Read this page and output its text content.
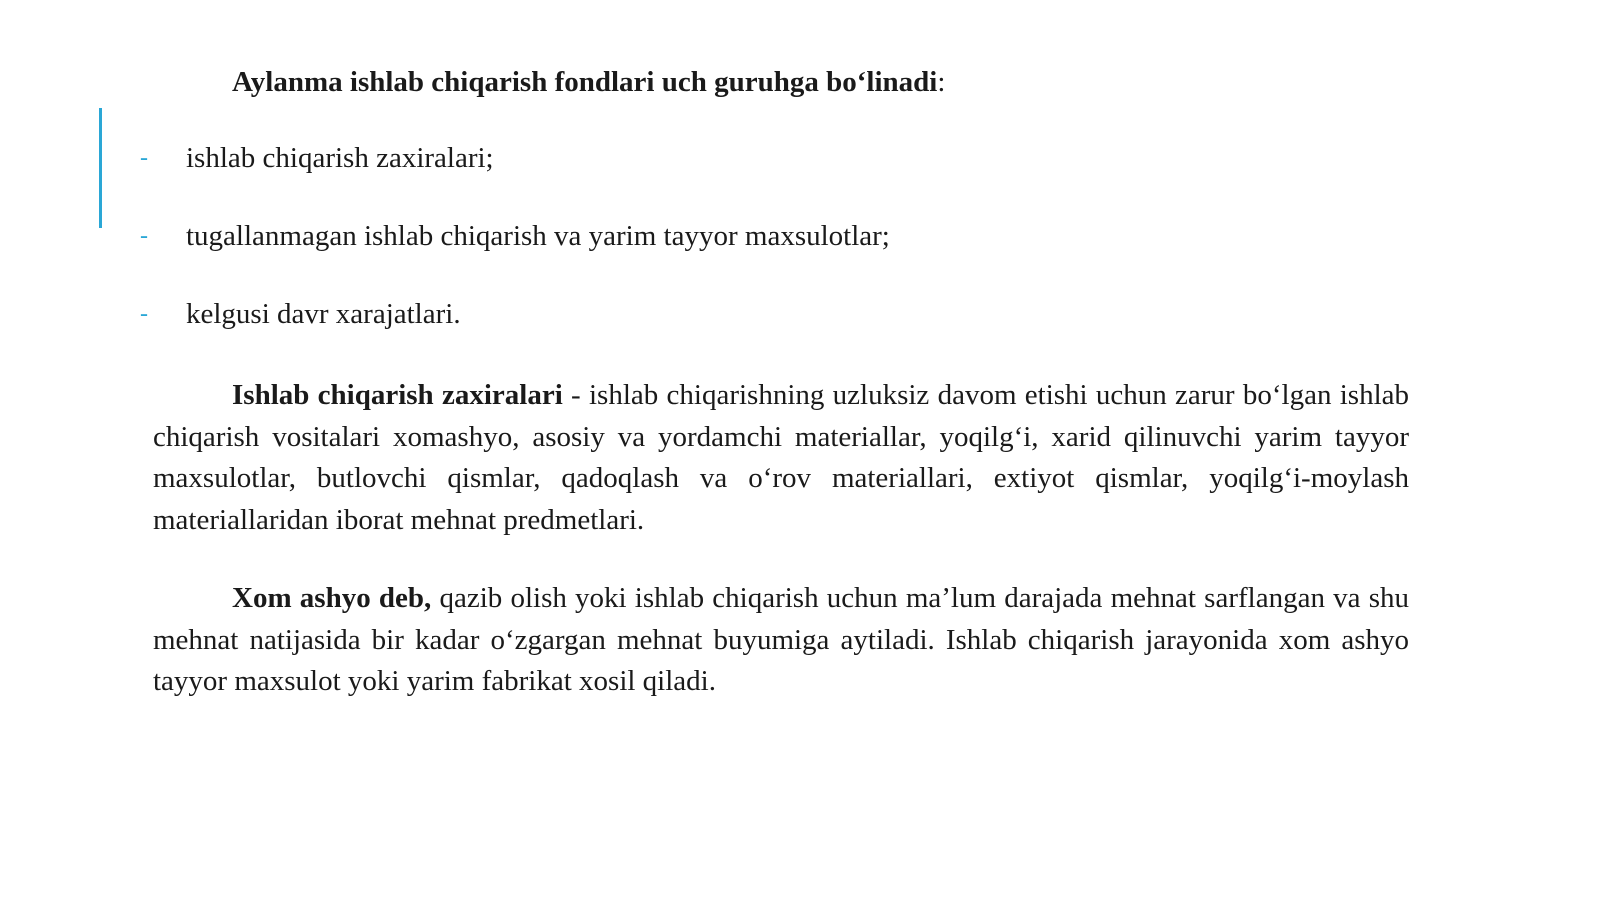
Aylanma ishlab chiqarish fondlari uch guruhga bo‘linadi:
- ishlab chiqarish zaxiralari;
- tugallanmagan ishlab chiqarish va yarim tayyor maxsulotlar;
- kelgusi davr xarajatlari.

Ishlab chiqarish zaxiralari - ishlab chiqarishning uzluksiz davom etishi uchun zarur bo‘lgan ishlab chiqarish vositalari xomashyo, asosiy va yordamchi materiallar, yoqilg‘i, xarid qilinuvchi yarim tayyor maxsulotlar, butlovchi qismlar, qadoqlash va o‘rov materiallari, extiyot qismlar, yoqilg‘i-moylash materiallaridan iborat mehnat predmetlari.

Xom ashyo deb, qazib olish yoki ishlab chiqarish uchun ma’lum darajada mehnat sarflangan va shu mehnat natijasida bir kadar o‘zgargan mehnat buyumiga aytiladi. Ishlab chiqarish jarayonida xom ashyo tayyor maxsulot yoki yarim fabrikat xosil qiladi.
